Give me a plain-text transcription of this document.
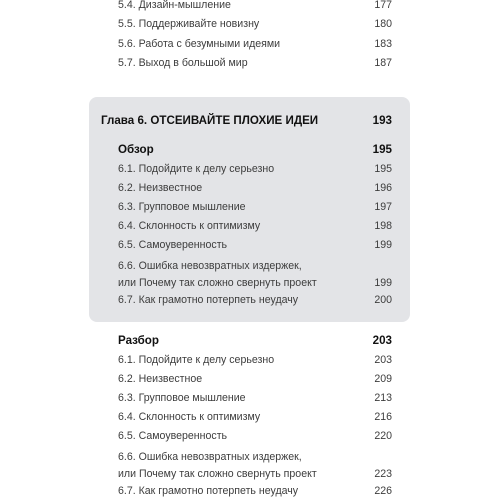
5.4. Дизайн-мышление	177
5.5. Поддерживайте новизну	180
5.6. Работа с безумными идеями	183
5.7. Выход в большой мир	187
Глава 6. ОТСЕИВАЙТЕ ПЛОХИЕ ИДЕИ	193
Обзор	195
6.1. Подойдите к делу серьезно	195
6.2. Неизвестное	196
6.3. Групповое мышление	197
6.4. Склонность к оптимизму	198
6.5. Самоуверенность	199
6.6. Ошибка невозвратных издержек,
или Почему так сложно свернуть проект	199
6.7. Как грамотно потерпеть неудачу	200
Разбор	203
6.1. Подойдите к делу серьезно	203
6.2. Неизвестное	209
6.3. Групповое мышление	213
6.4. Склонность к оптимизму	216
6.5. Самоуверенность	220
6.6. Ошибка невозвратных издержек,
или Почему так сложно свернуть проект	223
6.7. Как грамотно потерпеть неудачу	226
